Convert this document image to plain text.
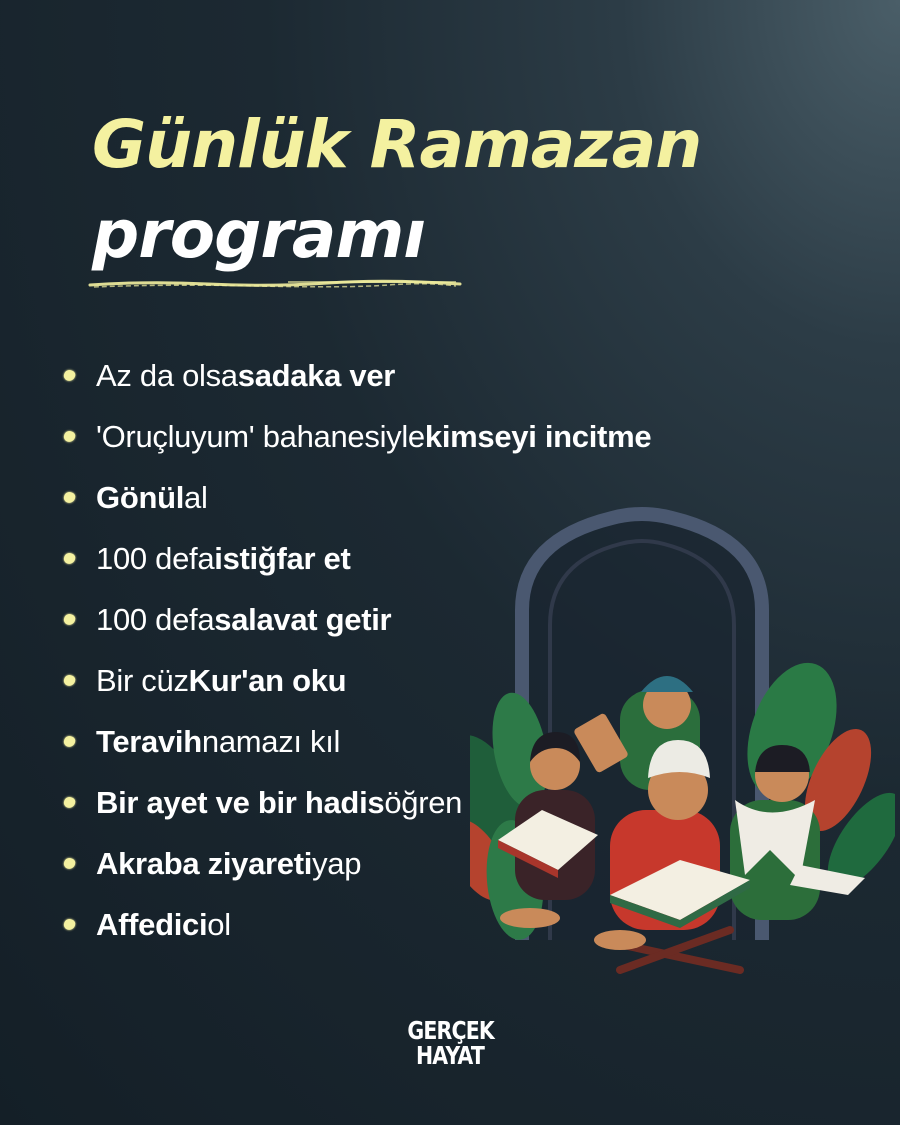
Günlük Ramazan
programı
Az da olsa sadaka ver
'Oruçluyum' bahanesiyle kimseyi incitme
Gönül al
100 defa istiğfar et
100 defa salavat getir
Bir cüz Kur'an oku
Teravih namazı kıl
Bir ayet ve bir hadis öğren
Akraba ziyareti yap
Affedici ol
GERÇEK
HAYAT
